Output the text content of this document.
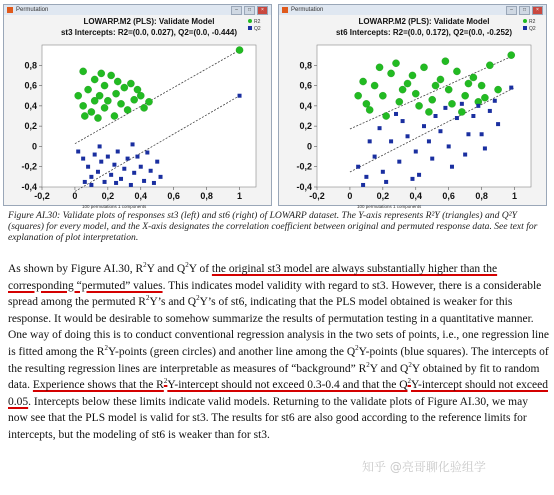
Permutation	–	□	×
LOWARP.M2 (PLS): Validate Model
st3 Intercepts: R2=(0.0, 0.027), Q2=(0.0, -0.444)
R2
Q2
-0,4
-0,2
0
0,2
0,4
0,6
0,8
-0,2	0	0,2 0,4 0,6 0,8	1
100 permutations 1 components
Permutation	–	□	×
LOWARP.M2 (PLS): Validate Model
st6 Intercepts: R2=(0.0, 0.172), Q2=(0.0, -0.252)
R2
Q2
-0,4
-0,2
0
0,2
0,4
0,6
0,8
-0,2	0	0,2 0,4 0,6 0,8	1
100 permutations 1 components
Figure AI.30: Validate plots of responses st3 (left) and st6 (right) of LOWARP dataset. The Y-axis represents R²Y (triangles) and Q²Y (squares) for every model, and the X-axis designates the correlation coefficient between original and permuted response data. See text for explanation of plot interpretation.
As shown by Figure AI.30, $R^2Y$ and $Q^2Y$ of the original st3 model are always substantially higher than the corresponding “permuted” values. This indicates model validity with regard to st3. However, there is a considerable spread among the permuted $R^2Y’s$ and $Q^2Y’s$ of st6, indicating that the PLS model obtained is weaker for this response. It would be desirable to somehow summarize the results of permutation testing in a quantitative manner. One way of doing this is to conduct conventional regression analysis in the two sets of points, i.e., one regression line is fitted among the $R^2Y$-points (green circles) and another line among the $Q^2Y$-points (blue squares). The intercepts of the resulting regression lines are interpretable as measures of “background” $R^2Y$ and $Q^2Y$ obtained by fit to random data. Experience shows that the $R^2Y$-intercept should not exceed 0.3-0.4 and that the $Q^2Y$-intercept should not exceed 0.05. Intercepts below these limits indicate valid models. Returning to the validate plots of Figure AI.30, we may now see that the PLS model is valid for st3. The results for st6 are also good according to the reference limits for intercepts, but the modeling of st6 is weaker than for st3.
知乎 @亮哥聊化验组学
